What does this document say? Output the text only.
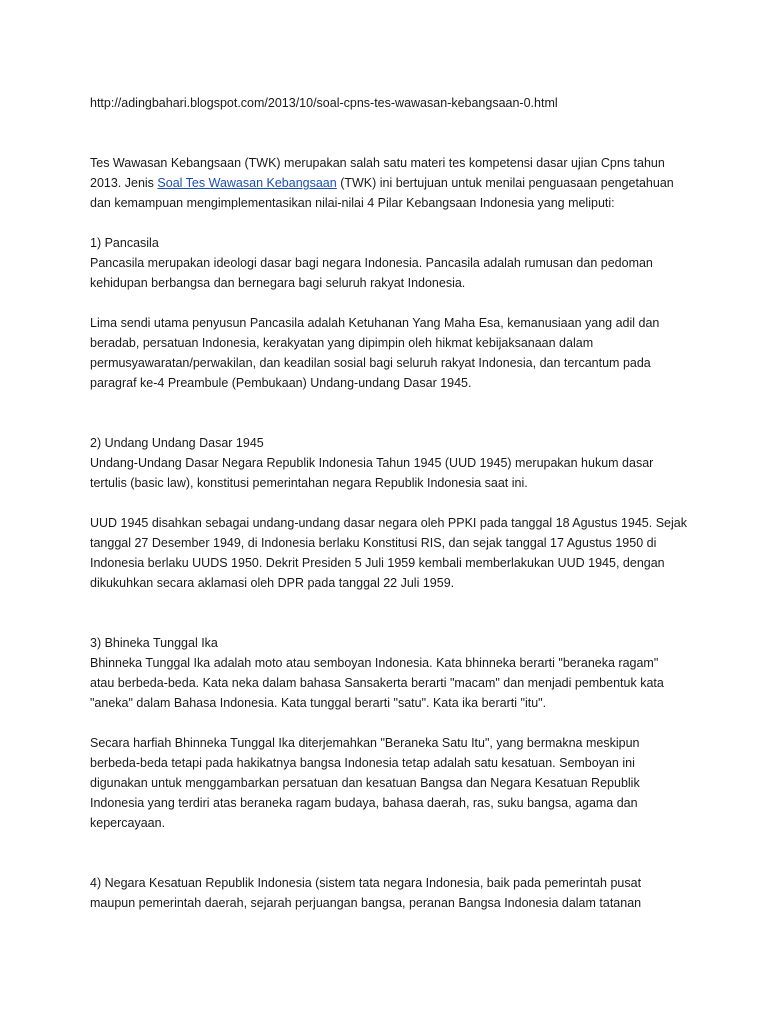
http://adingbahari.blogspot.com/2013/10/soal-cpns-tes-wawasan-kebangsaan-0.html
Tes Wawasan Kebangsaan (TWK) merupakan salah satu materi tes kompetensi dasar ujian Cpns tahun
2013. Jenis Soal Tes Wawasan Kebangsaan (TWK) ini bertujuan untuk menilai penguasaan pengetahuan
dan kemampuan mengimplementasikan nilai-nilai 4 Pilar Kebangsaan Indonesia yang meliputi:
1) Pancasila
Pancasila merupakan ideologi dasar bagi negara Indonesia. Pancasila adalah rumusan dan pedoman
kehidupan berbangsa dan bernegara bagi seluruh rakyat Indonesia.
Lima sendi utama penyusun Pancasila adalah Ketuhanan Yang Maha Esa, kemanusiaan yang adil dan
beradab, persatuan Indonesia, kerakyatan yang dipimpin oleh hikmat kebijaksanaan dalam
permusyawaratan/perwakilan, dan keadilan sosial bagi seluruh rakyat Indonesia, dan tercantum pada
paragraf ke-4 Preambule (Pembukaan) Undang-undang Dasar 1945.
2) Undang Undang Dasar 1945
Undang-Undang Dasar Negara Republik Indonesia Tahun 1945 (UUD 1945) merupakan hukum dasar
tertulis (basic law), konstitusi pemerintahan negara Republik Indonesia saat ini.
UUD 1945 disahkan sebagai undang-undang dasar negara oleh PPKI pada tanggal 18 Agustus 1945. Sejak
tanggal 27 Desember 1949, di Indonesia berlaku Konstitusi RIS, dan sejak tanggal 17 Agustus 1950 di
Indonesia berlaku UUDS 1950. Dekrit Presiden 5 Juli 1959 kembali memberlakukan UUD 1945, dengan
dikukuhkan secara aklamasi oleh DPR pada tanggal 22 Juli 1959.
3) Bhineka Tunggal Ika
Bhinneka Tunggal Ika adalah moto atau semboyan Indonesia. Kata bhinneka berarti "beraneka ragam"
atau berbeda-beda. Kata neka dalam bahasa Sansakerta berarti "macam" dan menjadi pembentuk kata
"aneka" dalam Bahasa Indonesia. Kata tunggal berarti "satu". Kata ika berarti "itu".
Secara harfiah Bhinneka Tunggal Ika diterjemahkan "Beraneka Satu Itu", yang bermakna meskipun
berbeda-beda tetapi pada hakikatnya bangsa Indonesia tetap adalah satu kesatuan. Semboyan ini
digunakan untuk menggambarkan persatuan dan kesatuan Bangsa dan Negara Kesatuan Republik
Indonesia yang terdiri atas beraneka ragam budaya, bahasa daerah, ras, suku bangsa, agama dan
kepercayaan.
4) Negara Kesatuan Republik Indonesia (sistem tata negara Indonesia, baik pada pemerintah pusat
maupun pemerintah daerah, sejarah perjuangan bangsa, peranan Bangsa Indonesia dalam tatanan
